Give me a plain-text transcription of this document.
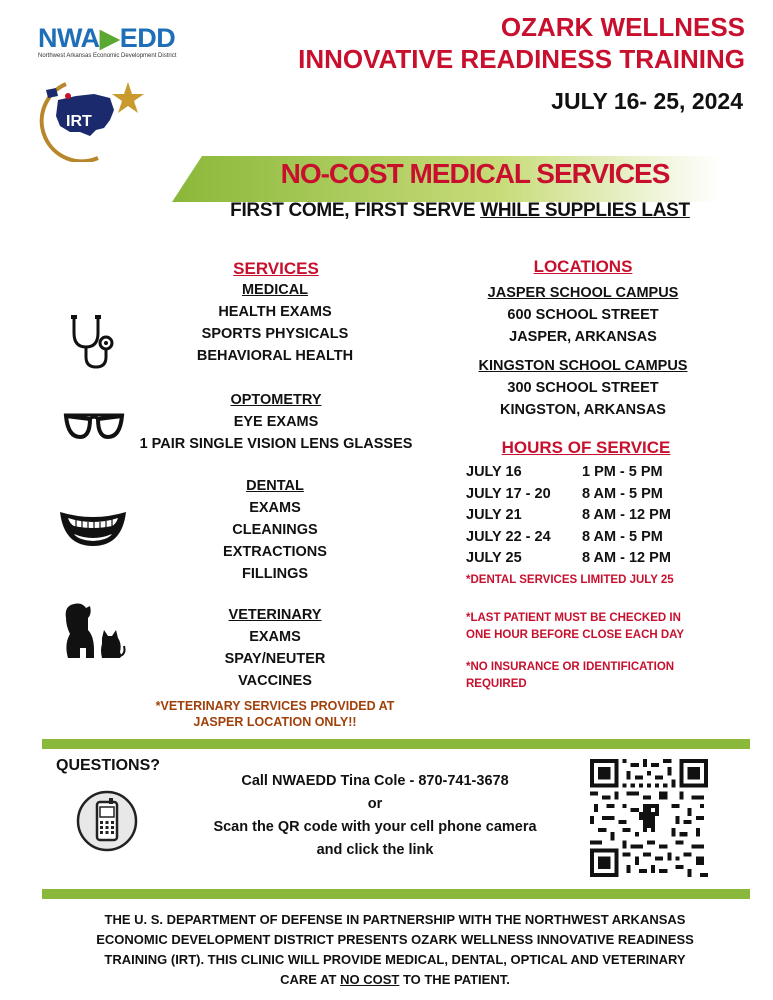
NWA▶EDD
Northwest Arkansas Economic Development District
IRT
OZARK WELLNESS
INNOVATIVE READINESS TRAINING
JULY 16- 25, 2024
NO-COST MEDICAL SERVICES
FIRST COME, FIRST SERVE WHILE SUPPLIES LAST
SERVICES
MEDICAL
HEALTH EXAMS
SPORTS PHYSICALS
BEHAVIORAL HEALTH
OPTOMETRY
EYE EXAMS
1 PAIR SINGLE VISION LENS GLASSES
DENTAL
EXAMS
CLEANINGS
EXTRACTIONS
FILLINGS
VETERINARY
EXAMS
SPAY/NEUTER
VACCINES
*VETERINARY SERVICES PROVIDED AT
JASPER LOCATION ONLY!!
LOCATIONS
JASPER SCHOOL CAMPUS
600 SCHOOL STREET
JASPER, ARKANSAS
KINGSTON SCHOOL CAMPUS
300 SCHOOL STREET
KINGSTON, ARKANSAS
HOURS OF SERVICE
JULY 16	1 PM - 5 PM
JULY 17 - 20	8 AM - 5 PM
JULY 21	8 AM - 12 PM
JULY 22 - 24	8 AM - 5 PM
JULY 25	8 AM - 12 PM
*DENTAL SERVICES LIMITED JULY 25
*LAST PATIENT MUST BE CHECKED IN
ONE HOUR BEFORE CLOSE EACH DAY
*NO INSURANCE OR IDENTIFICATION
REQUIRED
QUESTIONS?
Call NWAEDD Tina Cole - 870-741-3678
or
Scan the QR code with your cell phone camera
and click the link
THE U. S. DEPARTMENT OF DEFENSE IN PARTNERSHIP WITH THE NORTHWEST ARKANSAS
ECONOMIC DEVELOPMENT DISTRICT PRESENTS OZARK WELLNESS INNOVATIVE READINESS
TRAINING (IRT). THIS CLINIC WILL PROVIDE MEDICAL, DENTAL, OPTICAL AND VETERINARY
CARE AT NO COST TO THE PATIENT.
